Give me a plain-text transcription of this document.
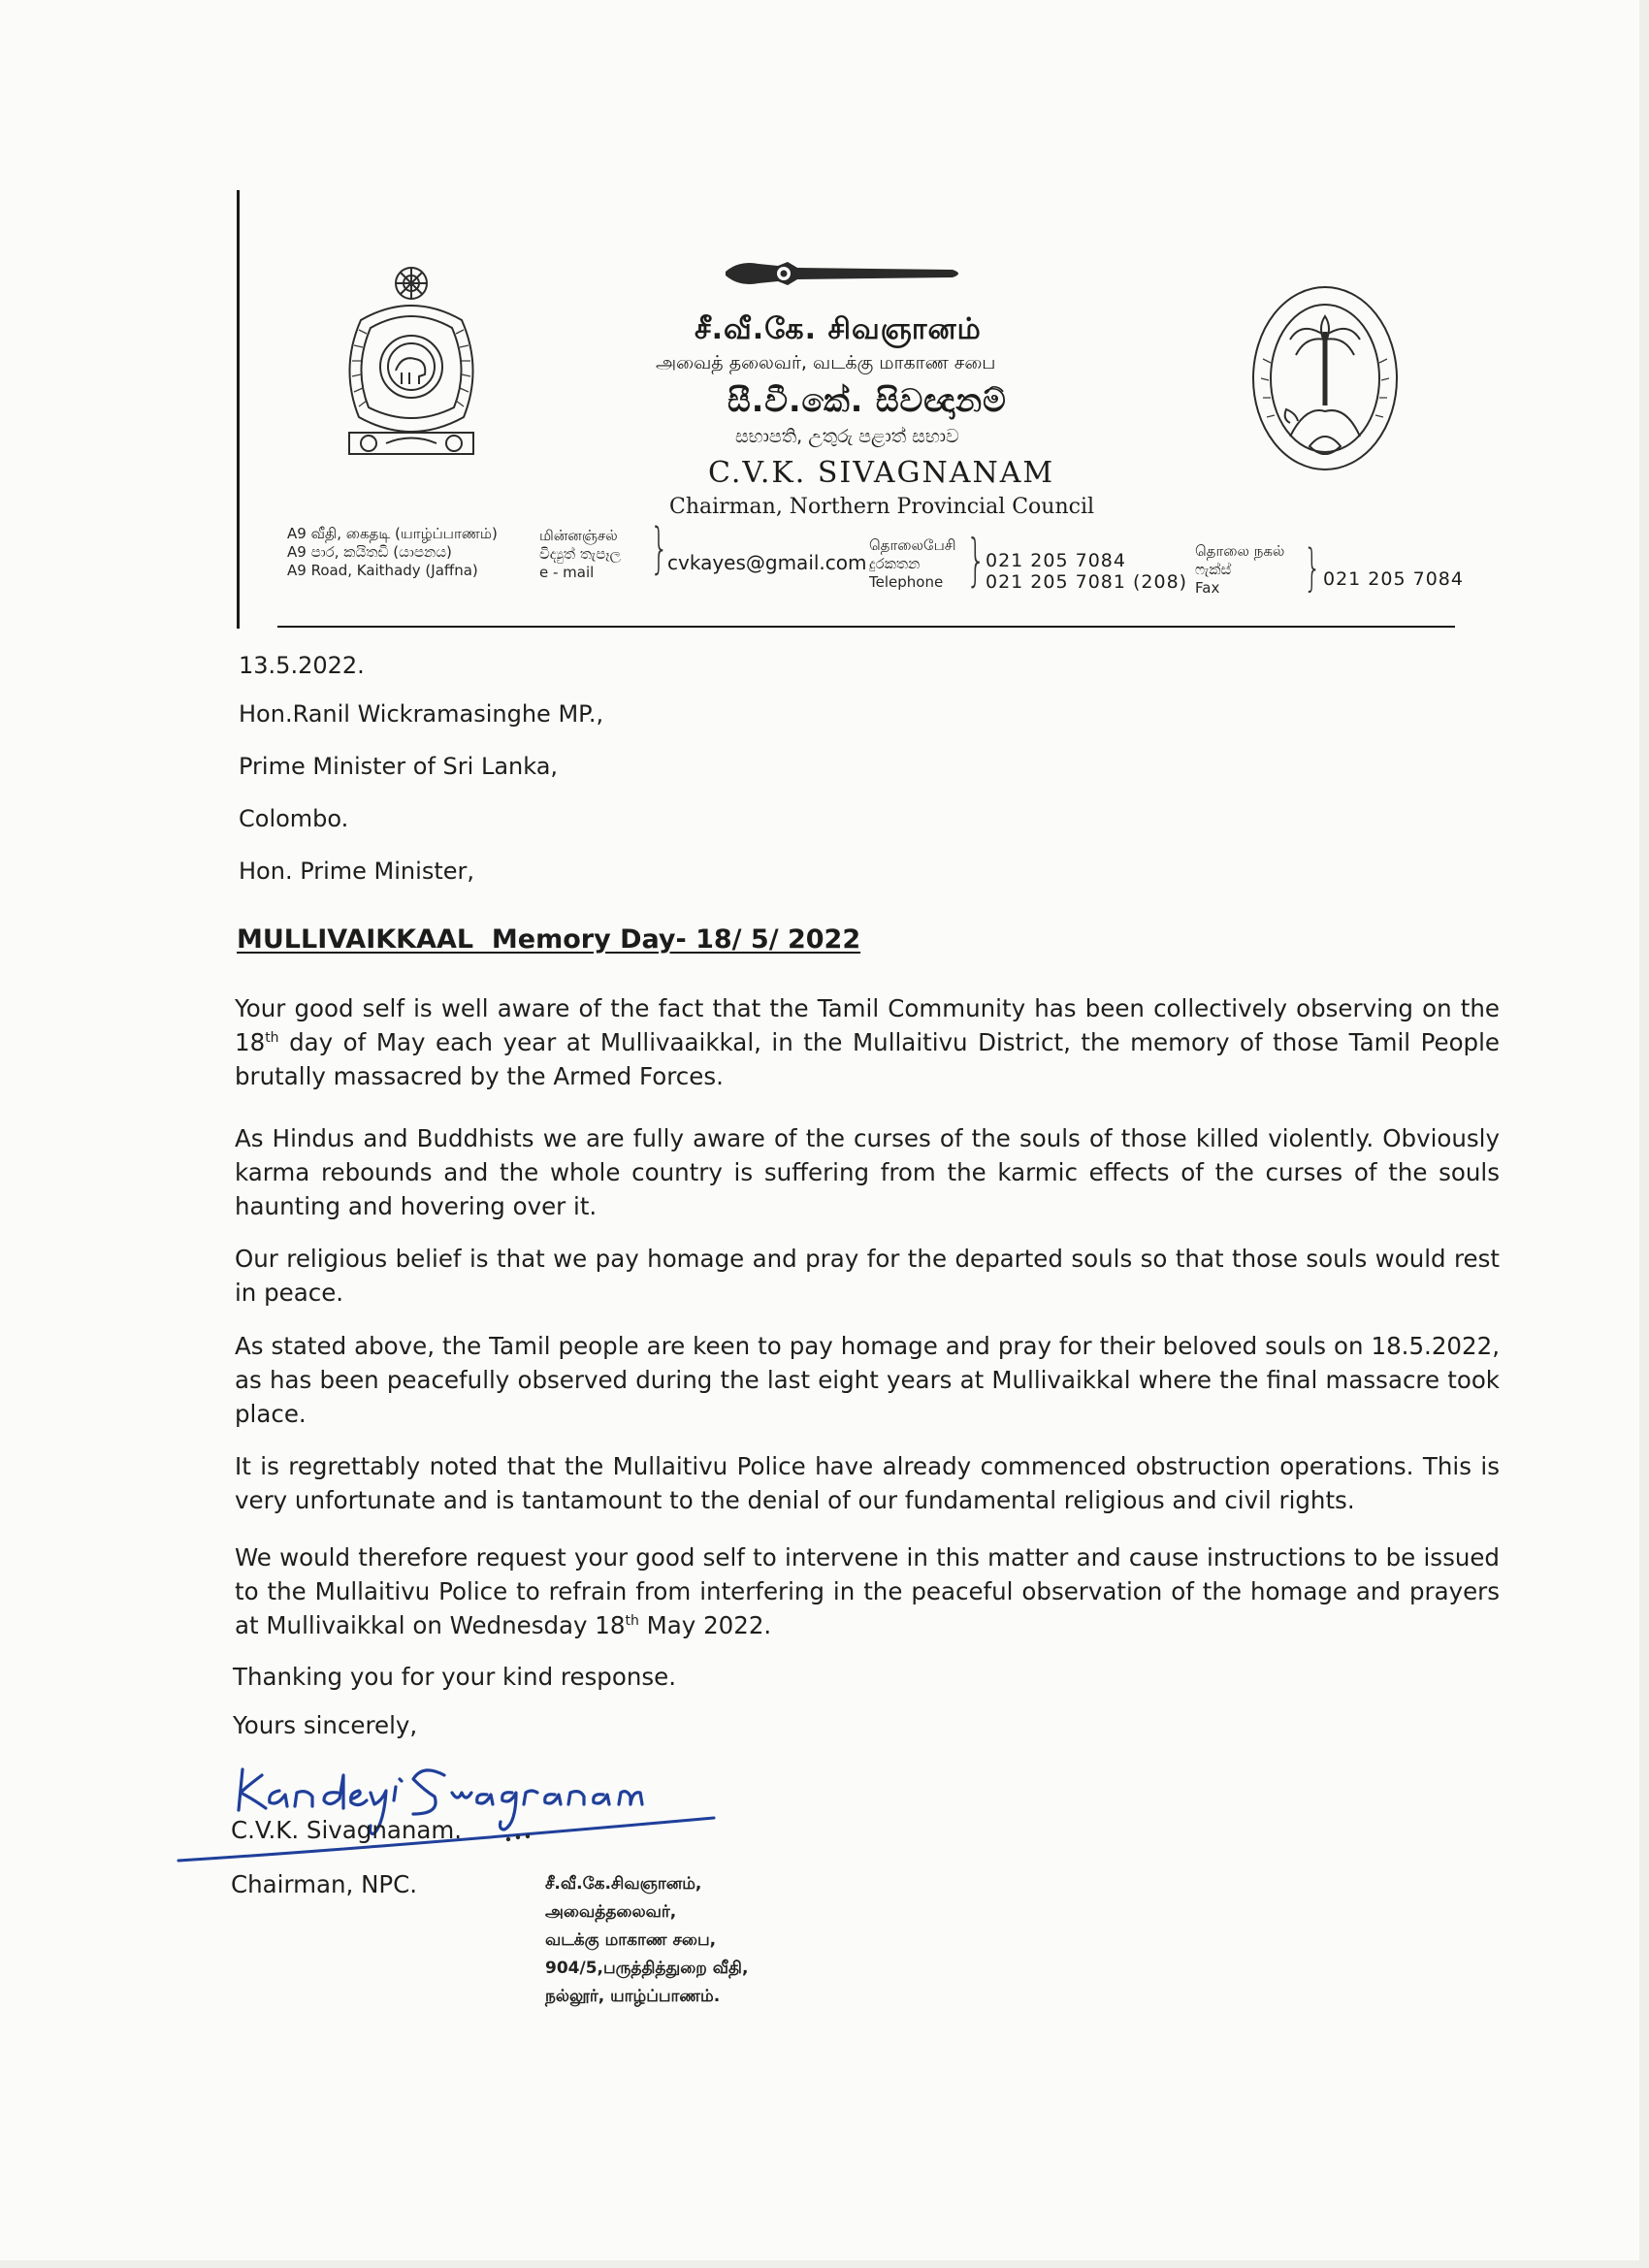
சீ.வீ.கே. சிவஞானம்
அவைத் தலைவர், வடக்கு மாகாண சபை
සී.වී.කේ. සිවඥානම්
සභාපති, උතුරු පළාත් සභාව
C.V.K. SIVAGNANAM
Chairman, Northern Provincial Council
A9 வீதி, கைதடி (யாழ்ப்பாணம்)
A9 පාර, කයිතඩි (යාපනය)
A9 Road, Kaithady (Jaffna)
மின்னஞ்சல்
විද්‍යුත් තැපෑල
e - mail	}
cvkayes@gmail.com
தொலைபேசி
දුරකතන
Telephone } 021 205 7084
021 205 7081 (208)
தொலை நகல்
ෆැක්ස්
Fax	} 021 205 7084
13.5.2022.
Hon.Ranil Wickramasinghe MP.,
Prime Minister of Sri Lanka,
Colombo.
Hon. Prime Minister,
MULLIVAIKKAAL  Memory Day- 18/ 5/ 2022
Your good self is well aware of the fact that the Tamil Community has been collectively observing on the 18th day of May each year at Mullivaaikkal, in the Mullaitivu District, the memory of those Tamil People brutally massacred by the Armed Forces.
As Hindus and Buddhists we are fully aware of the curses of the souls of those killed violently. Obviously karma rebounds and the whole country is suffering from the karmic effects of the curses of the souls haunting and hovering over it.
Our religious belief is that we pay homage and pray for the departed souls so that those souls would rest in peace.
As stated above, the Tamil people are keen to pay homage and pray for their beloved souls on 18.5.2022, as has been peacefully observed during the last eight years at Mullivaikkal where the final massacre took place.
It is regrettably noted that the Mullaitivu Police have already commenced obstruction operations. This is very unfortunate and is tantamount to the denial of our fundamental religious and civil rights.
We would therefore request your good self to intervene in this matter and cause instructions to be issued to the Mullaitivu Police to refrain from interfering in the peaceful observation of the homage and prayers at Mullivaikkal on Wednesday 18th May 2022.
Thanking you for your kind response.
Yours sincerely,
C.V.K. Sivagnanam.
Chairman, NPC.	சீ.வீ.கே.சிவஞானம்,
அவைத்தலைவர்,
வடக்கு மாகாண சபை,
904/5,பருத்தித்துறை வீதி,
நல்லூர், யாழ்ப்பாணம்.
